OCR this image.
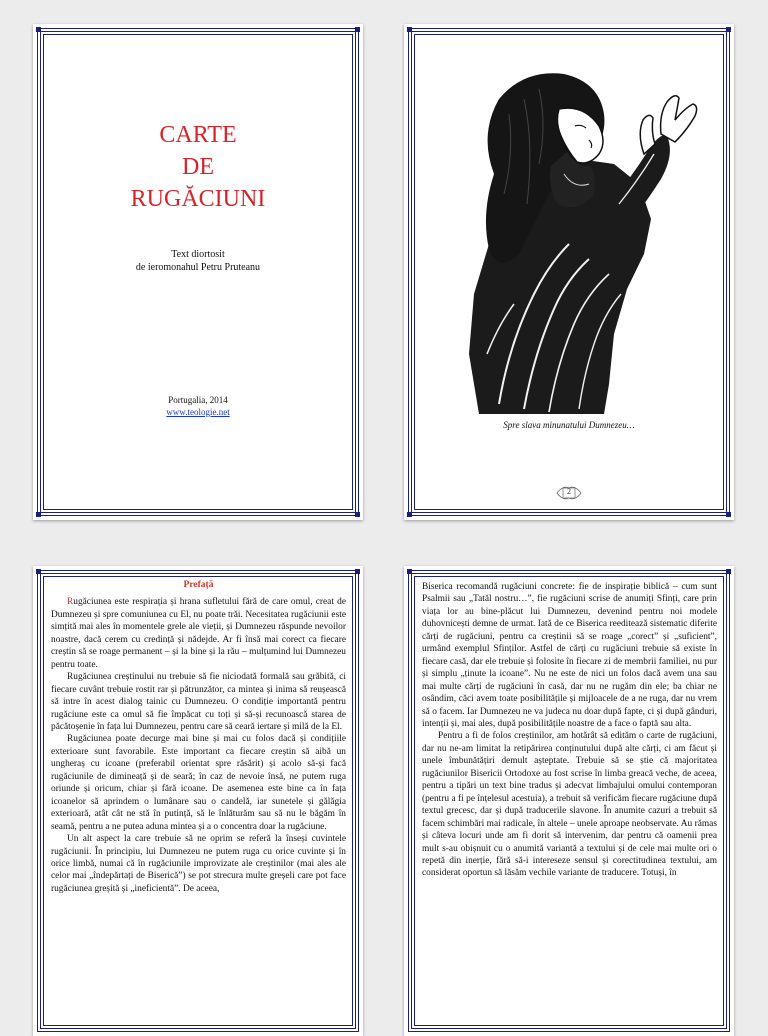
CARTE
DE
RUGĂCIUNI
Text diortosit
de ieromonahul Petru Pruteanu
Portugalia, 2014
www.teologie.net
Spre slava minunatului Dumnezeu…
2
Prefață

Rugăciunea este respirația și hrana sufletului fără de care omul, creat de Dumnezeu și spre comuniunea cu El, nu poate trăi. Necesitatea rugăciunii este simțită mai ales în momentele grele ale vieții, și Dumnezeu răspunde nevoilor noastre, dacă cerem cu credință și nădejde. Ar fi însă mai corect ca fiecare creștin să se roage permanent – și la bine și la rău – mulțumind lui Dumnezeu pentru toate.

Rugăciunea creștinului nu trebuie să fie niciodată formală sau grăbită, ci fiecare cuvânt trebuie rostit rar și pătrunzător, ca mintea și inima să reușească să intre în acest dialog tainic cu Dumnezeu. O condiție importantă pentru rugăciune este ca omul să fie împăcat cu toți și să-și recunoască starea de păcătoșenie în fața lui Dumnezeu, pentru care să ceară iertare și milă de la El.

Rugăciunea poate decurge mai bine și mai cu folos dacă și condițiile exterioare sunt favorabile. Este important ca fiecare creștin să aibă un ungheraș cu icoane (preferabil orientat spre răsărit) și acolo să-și facă rugăciunile de dimineață și de seară; în caz de nevoie însă, ne putem ruga oriunde și oricum, chiar și fără icoane. De asemenea este bine ca în fața icoanelor să aprindem o lumânare sau o candelă, iar sunetele și gălăgia exterioară, atât cât ne stă în putință, să le înlăturăm sau să nu le băgăm în seamă, pentru a ne putea aduna mintea și a o concentra doar la rugăciune.

Un alt aspect la care trebuie să ne oprim se referă la înseși cuvintele rugăciunii. În principiu, lui Dumnezeu ne putem ruga cu orice cuvinte și în orice limbă, numai că în rugăciunile improvizate ale creștinilor (mai ales ale celor mai „îndepărtați de Biserică”) se pot strecura multe greșeli care pot face rugăciunea greșită și „ineficientă”. De aceea,

Biserica recomandă rugăciuni concrete: fie de inspirație biblică – cum sunt Psalmii sau „Tatăl nostru…”, fie rugăciuni scrise de anumiți Sfinți, care prin viața lor au bine-plăcut lui Dumnezeu, devenind pentru noi modele duhovnicești demne de urmat. Iată de ce Biserica reeditează sistematic diferite cărți de rugăciuni, pentru ca creștinii să se roage „corect” și „suficient”, urmând exemplul Sfinților. Astfel de cărți cu rugăciuni trebuie să existe în fiecare casă, dar ele trebuie și folosite în fiecare zi de membrii familiei, nu pur și simplu „ținute la icoane”. Nu ne este de nici un folos dacă avem una sau mai multe cărți de rugăciuni în casă, dar nu ne rugăm din ele; ba chiar ne osândim, căci avem toate posibilitățile și mijloacele de a ne ruga, dar nu vrem să o facem. Iar Dumnezeu ne va judeca nu doar după fapte, ci și după gânduri, intenții și, mai ales, după posibilitățile noastre de a face o faptă sau alta.

Pentru a fi de folos creștinilor, am hotărât să edităm o carte de rugăciuni, dar nu ne-am limitat la retipărirea conținutului după alte cărți, ci am făcut și unele îmbunătățiri demult așteptate. Trebuie să se știe că majoritatea rugăciunilor Bisericii Ortodoxe au fost scrise în limba greacă veche, de aceea, pentru a tipări un text bine tradus și adecvat limbajului omului contemporan (pentru a fi pe înțelesul acestuia), a trebuit să verificăm fiecare rugăciune după textul grecesc, dar și după traducerile slavone. În anumite cazuri a trebuit să facem schimbări mai radicale, în altele – unele aproape neobservate. Au rămas și câteva locuri unde am fi dorit să intervenim, dar pentru că oamenii prea mult s-au obișnuit cu o anumită variantă a textului și de cele mai multe ori o repetă din inerție, fără să-i intereseze sensul și corectitudinea textului, am considerat oportun să lăsăm vechile variante de traducere. Totuși, în
